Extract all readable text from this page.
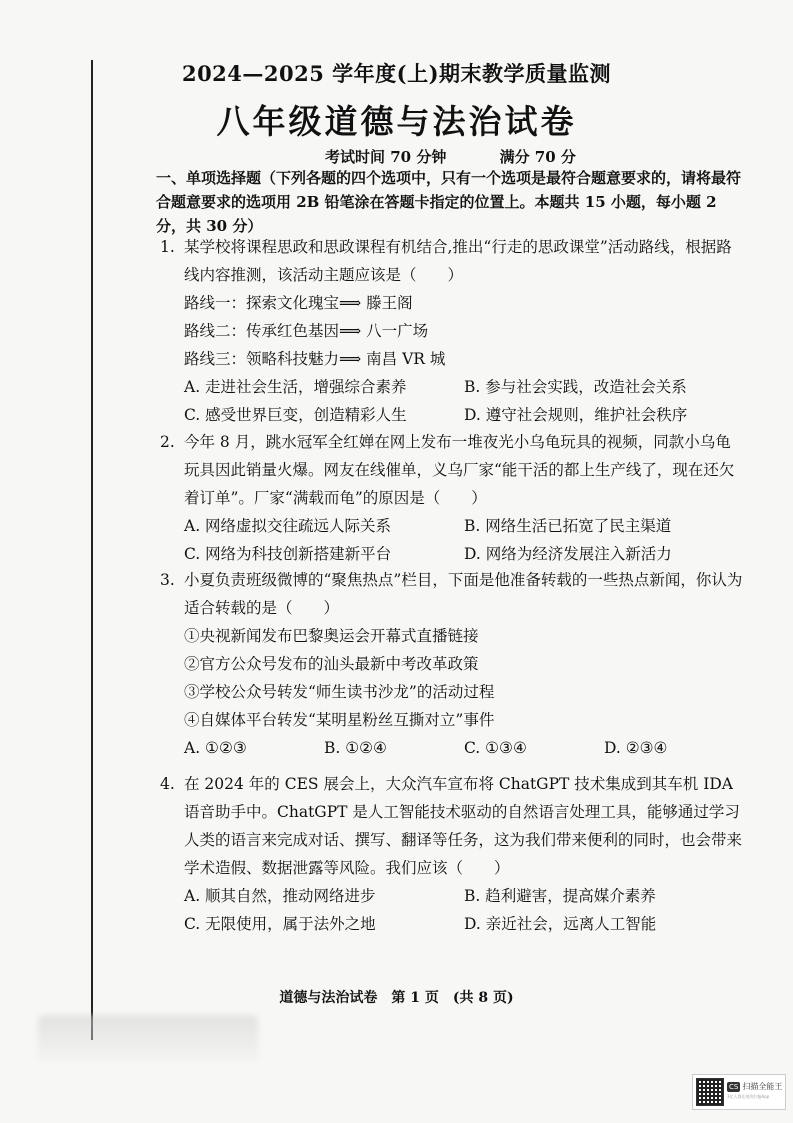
2024—2025 学年度(上)期末教学质量监测
八年级道德与法治试卷
考试时间 70 分钟	满分 70 分
一、单项选择题（下列各题的四个选项中，只有一个选项是最符合题意要求的，请将最符合题意要求的选项用 2B 铅笔涂在答题卡指定的位置上。本题共 15 小题，每小题 2 分，共 30 分）
1. 某学校将课程思政和思政课程有机结合,推出“行走的思政课堂”活动路线，根据路线内容推测，该活动主题应该是（　　）
路线一：探索文化瑰宝⟹ 滕王阁
路线二：传承红色基因⟹ 八一广场
路线三：领略科技魅力⟹ 南昌 VR 城
A. 走进社会生活，增强综合素养	B. 参与社会实践，改造社会关系
C. 感受世界巨变，创造精彩人生	D. 遵守社会规则，维护社会秩序
2. 今年 8 月，跳水冠军全红婵在网上发布一堆夜光小乌龟玩具的视频，同款小乌龟玩具因此销量火爆。网友在线催单，义乌厂家“能干活的都上生产线了，现在还欠着订单”。厂家“满载而龟”的原因是（　　）
A. 网络虚拟交往疏远人际关系	B. 网络生活已拓宽了民主渠道
C. 网络为科技创新搭建新平台	D. 网络为经济发展注入新活力
3. 小夏负责班级微博的“聚焦热点”栏目，下面是他准备转载的一些热点新闻，你认为适合转载的是（　　）
①央视新闻发布巴黎奥运会开幕式直播链接
②官方公众号发布的汕头最新中考改革政策
③学校公众号转发“师生读书沙龙”的活动过程
④自媒体平台转发“某明星粉丝互撕对立”事件
A. ①②③	B. ①②④	C. ①③④	D. ②③④
4. 在 2024 年的 CES 展会上，大众汽车宣布将 ChatGPT 技术集成到其车机 IDA 语音助手中。ChatGPT 是人工智能技术驱动的自然语言处理工具，能够通过学习人类的语言来完成对话、撰写、翻译等任务，这为我们带来便利的同时，也会带来学术造假、数据泄露等风险。我们应该（　　）
A. 顺其自然，推动网络进步	B. 趋利避害，提高媒介素养
C. 无限使用，属于法外之地	D. 亲近社会，远离人工智能
道德与法治试卷　第 1 页　(共 8 页)
CS 扫描全能王
3亿人都在用的扫描App
